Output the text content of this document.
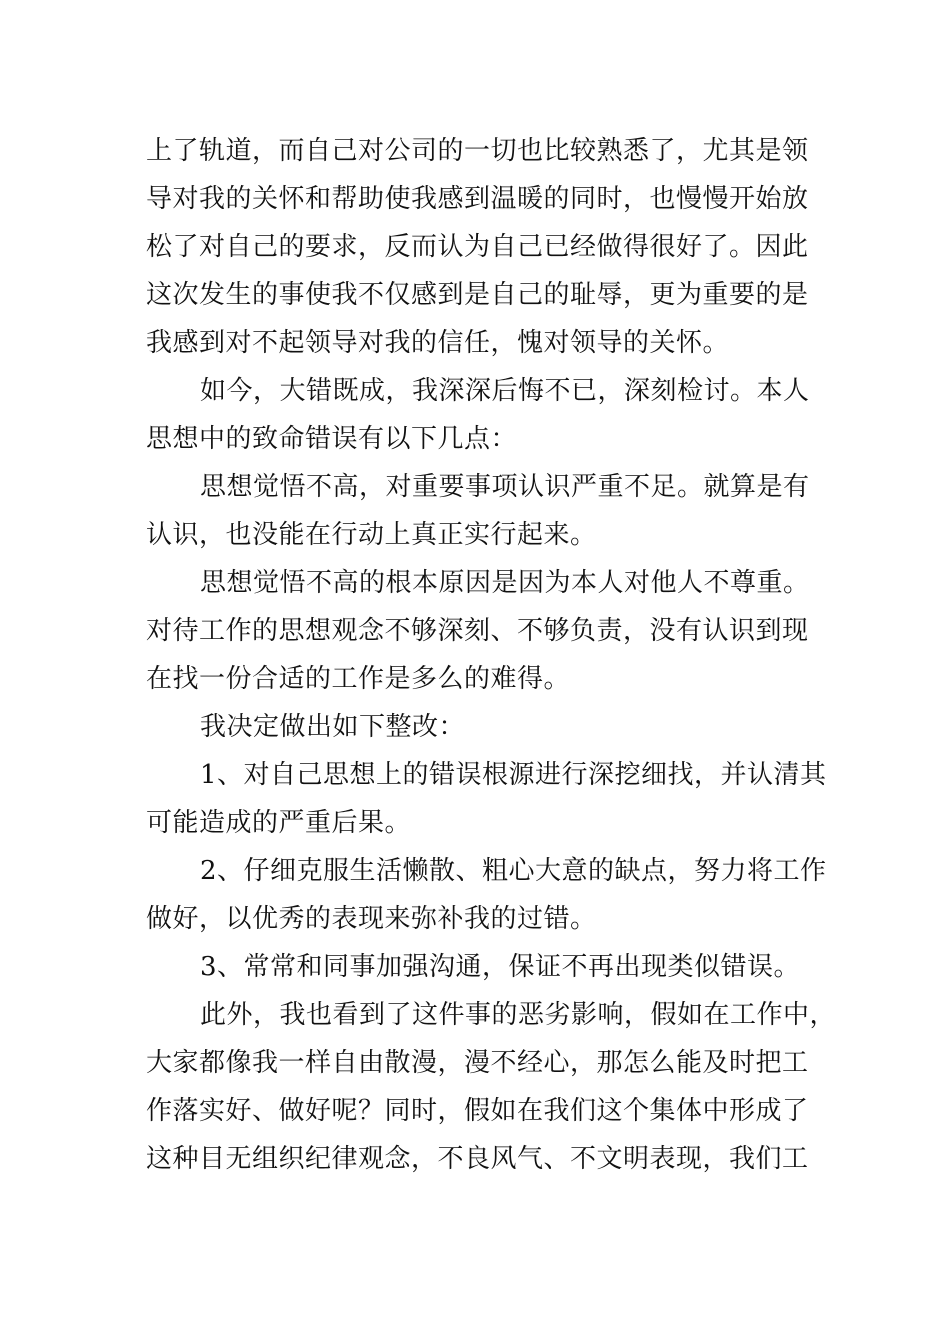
上了轨道，而自己对公司的一切也比较熟悉了，尤其是领
导对我的关怀和帮助使我感到温暖的同时，也慢慢开始放
松了对自己的要求，反而认为自己已经做得很好了。因此
这次发生的事使我不仅感到是自己的耻辱，更为重要的是
我感到对不起领导对我的信任，愧对领导的关怀。
如今，大错既成，我深深后悔不已，深刻检讨。本人
思想中的致命错误有以下几点：
思想觉悟不高，对重要事项认识严重不足。就算是有
认识，也没能在行动上真正实行起来。
思想觉悟不高的根本原因是因为本人对他人不尊重。
对待工作的思想观念不够深刻、不够负责，没有认识到现
在找一份合适的工作是多么的难得。
我决定做出如下整改：
1、对自己思想上的错误根源进行深挖细找，并认清其
可能造成的严重后果。
2、仔细克服生活懒散、粗心大意的缺点，努力将工作
做好，以优秀的表现来弥补我的过错。
3、常常和同事加强沟通，保证不再出现类似错误。
此外，我也看到了这件事的恶劣影响，假如在工作中，
大家都像我一样自由散漫，漫不经心，那怎么能及时把工
作落实好、做好呢？同时，假如在我们这个集体中形成了
这种目无组织纪律观念，不良风气、不文明表现，我们工
